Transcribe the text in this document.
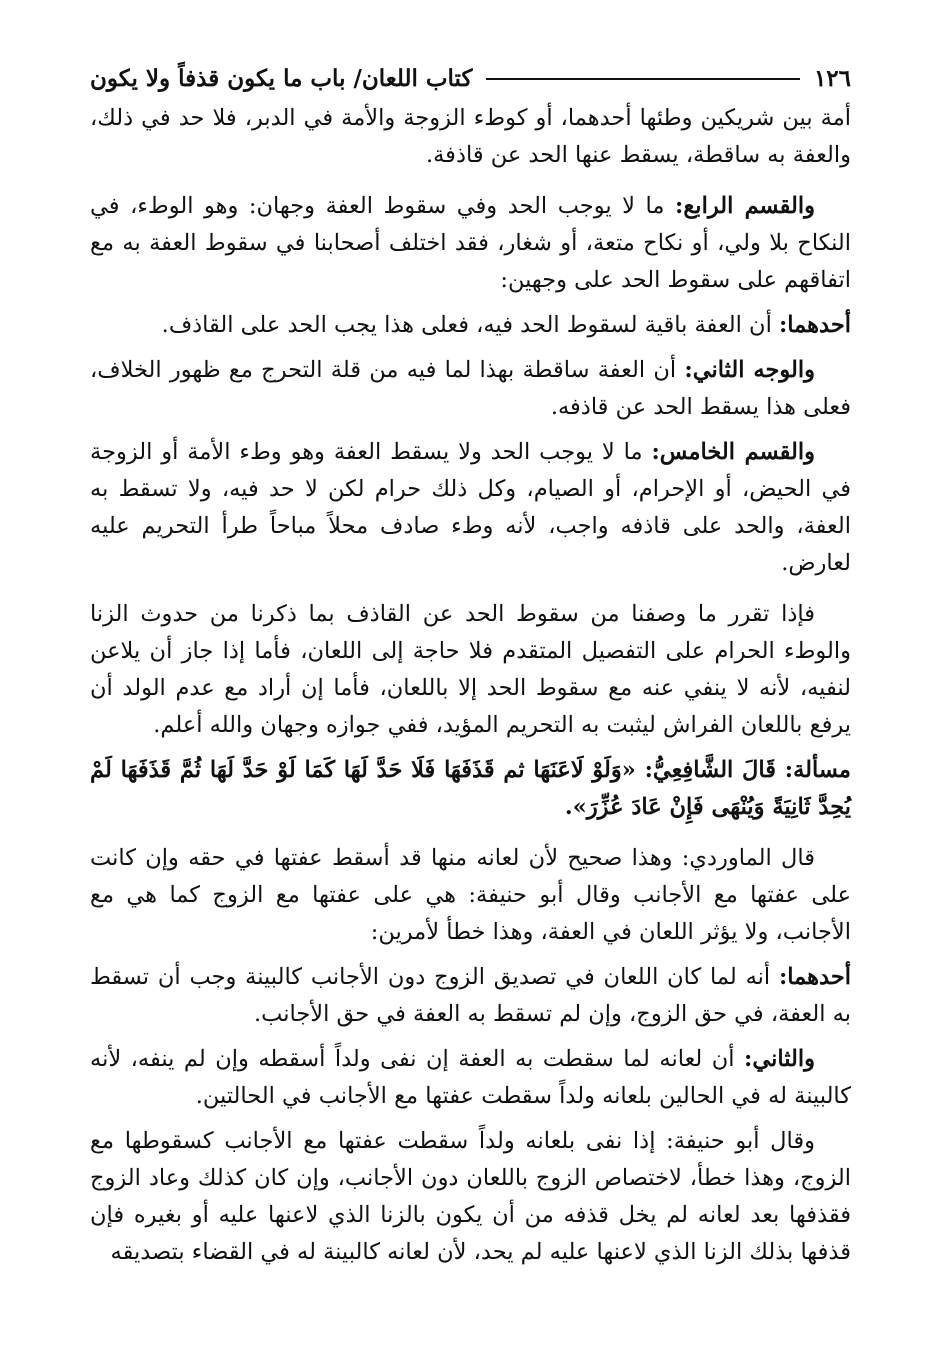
١٢٦
كتاب اللعان/ باب ما يكون قذفاً ولا يكون

أمة بين شريكين وطئها أحدهما، أو كوطء الزوجة والأمة في الدبر، فلا حد في ذلك، والعفة به ساقطة، يسقط عنها الحد عن قاذفة.

والقسم الرابع: ما لا يوجب الحد وفي سقوط العفة وجهان: وهو الوطء، في النكاح بلا ولي، أو نكاح متعة، أو شغار، فقد اختلف أصحابنا في سقوط العفة به مع اتفاقهم على سقوط الحد على وجهين:

أحدهما: أن العفة باقية لسقوط الحد فيه، فعلى هذا يجب الحد على القاذف.

والوجه الثاني: أن العفة ساقطة بهذا لما فيه من قلة التحرج مع ظهور الخلاف، فعلى هذا يسقط الحد عن قاذفه.

والقسم الخامس: ما لا يوجب الحد ولا يسقط العفة وهو وطء الأمة أو الزوجة في الحيض، أو الإحرام، أو الصيام، وكل ذلك حرام لكن لا حد فيه، ولا تسقط به العفة، والحد على قاذفه واجب، لأنه وطء صادف محلاً مباحاً طرأ التحريم عليه لعارض.

فإذا تقرر ما وصفنا من سقوط الحد عن القاذف بما ذكرنا من حدوث الزنا والوطء الحرام على التفصيل المتقدم فلا حاجة إلى اللعان، فأما إذا جاز أن يلاعن لنفيه، لأنه لا ينفي عنه مع سقوط الحد إلا باللعان، فأما إن أراد مع عدم الولد أن يرفع باللعان الفراش ليثبت به التحريم المؤيد، ففي جوازه وجهان والله أعلم.

مسألة: قَالَ الشَّافِعِيُّ: «وَلَوْ لَاعَنَهَا ثم قَذَفَهَا فَلَا حَدَّ لَهَا كَمَا لَوْ حَدَّ لَهَا ثُمَّ قَذَفَهَا لَمْ يُحِدَّ ثَانِيَةً وَيُنْهَى فَإِنْ عَادَ عُزِّرَ».

قال الماوردي: وهذا صحيح لأن لعانه منها قد أسقط عفتها في حقه وإن كانت على عفتها مع الأجانب وقال أبو حنيفة: هي على عفتها مع الزوج كما هي مع الأجانب، ولا يؤثر اللعان في العفة، وهذا خطأ لأمرين:

أحدهما: أنه لما كان اللعان في تصديق الزوج دون الأجانب كالبينة وجب أن تسقط به العفة، في حق الزوج، وإن لم تسقط به العفة في حق الأجانب.

والثاني: أن لعانه لما سقطت به العفة إن نفى ولداً أسقطه وإن لم ينفه، لأنه كالبينة له في الحالين بلعانه ولداً سقطت عفتها مع الأجانب في الحالتين.

وقال أبو حنيفة: إذا نفى بلعانه ولداً سقطت عفتها مع الأجانب كسقوطها مع الزوج، وهذا خطأ، لاختصاص الزوج باللعان دون الأجانب، وإن كان كذلك وعاد الزوج فقذفها بعد لعانه لم يخل قذفه من أن يكون بالزنا الذي لاعنها عليه أو بغيره فإن قذفها بذلك الزنا الذي لاعنها عليه لم يحد، لأن لعانه كالبينة له في القضاء بتصديقه
